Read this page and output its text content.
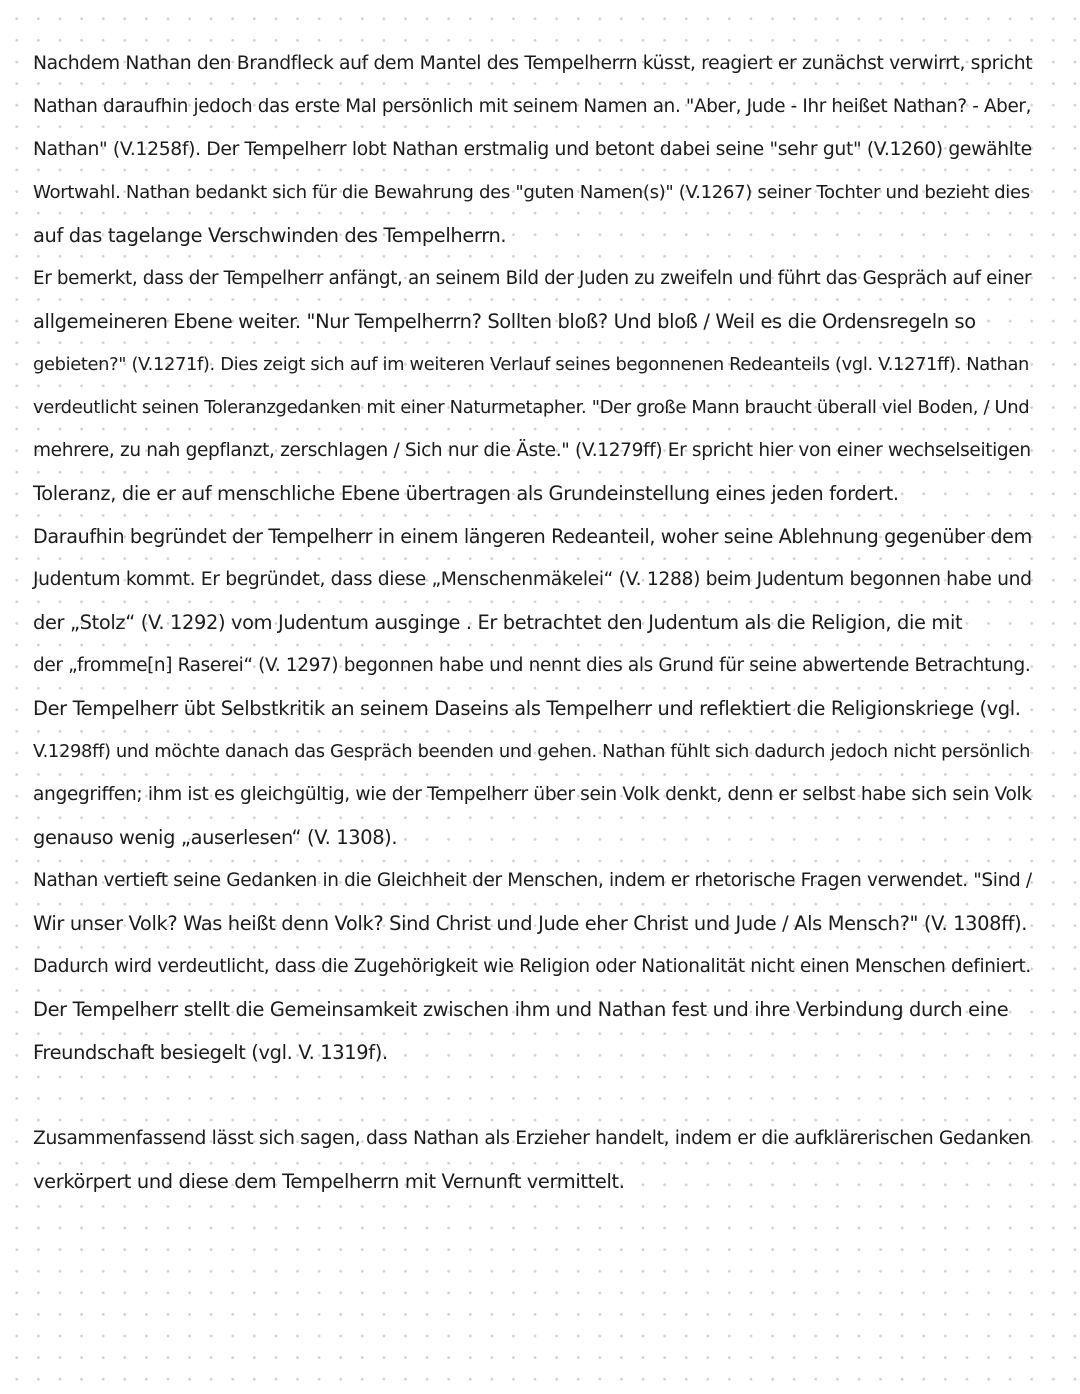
Nachdem Nathan den Brandfleck auf dem Mantel des Tempelherrn küsst, reagiert er zunächst verwirrt, spricht
Nathan daraufhin jedoch das erste Mal persönlich mit seinem Namen an. "Aber, Jude - Ihr heißet Nathan? - Aber,
Nathan" (V.1258f). Der Tempelherr lobt Nathan erstmalig und betont dabei seine "sehr gut" (V.1260) gewählte
Wortwahl. Nathan bedankt sich für die Bewahrung des "guten Namen(s)" (V.1267) seiner Tochter und bezieht dies
auf das tagelange Verschwinden des Tempelherrn.
Er bemerkt, dass der Tempelherr anfängt, an seinem Bild der Juden zu zweifeln und führt das Gespräch auf einer
allgemeineren Ebene weiter. "Nur Tempelherrn? Sollten bloß? Und bloß / Weil es die Ordensregeln so
gebieten?" (V.1271f). Dies zeigt sich auf im weiteren Verlauf seines begonnenen Redeanteils (vgl. V.1271ff). Nathan
verdeutlicht seinen Toleranzgedanken mit einer Naturmetapher. "Der große Mann braucht überall viel Boden, / Und
mehrere, zu nah gepflanzt, zerschlagen / Sich nur die Äste." (V.1279ff) Er spricht hier von einer wechselseitigen
Toleranz, die er auf menschliche Ebene übertragen als Grundeinstellung eines jeden fordert.
Daraufhin begründet der Tempelherr in einem längeren Redeanteil, woher seine Ablehnung gegenüber dem
Judentum kommt. Er begründet, dass diese „Menschenmäkelei“ (V. 1288) beim Judentum begonnen habe und
der „Stolz“ (V. 1292) vom Judentum ausginge . Er betrachtet den Judentum als die Religion, die mit
der „fromme[n] Raserei“ (V. 1297) begonnen habe und nennt dies als Grund für seine abwertende Betrachtung.
Der Tempelherr übt Selbstkritik an seinem Daseins als Tempelherr und reflektiert die Religionskriege (vgl.
V.1298ff) und möchte danach das Gespräch beenden und gehen. Nathan fühlt sich dadurch jedoch nicht persönlich
angegriffen; ihm ist es gleichgültig, wie der Tempelherr über sein Volk denkt, denn er selbst habe sich sein Volk
genauso wenig „auserlesen“ (V. 1308).
Nathan vertieft seine Gedanken in die Gleichheit der Menschen, indem er rhetorische Fragen verwendet. "Sind /
Wir unser Volk? Was heißt denn Volk? Sind Christ und Jude eher Christ und Jude / Als Mensch?" (V. 1308ff).
Dadurch wird verdeutlicht, dass die Zugehörigkeit wie Religion oder Nationalität nicht einen Menschen definiert.
Der Tempelherr stellt die Gemeinsamkeit zwischen ihm und Nathan fest und ihre Verbindung durch eine
Freundschaft besiegelt (vgl. V. 1319f).
Zusammenfassend lässt sich sagen, dass Nathan als Erzieher handelt, indem er die aufklärerischen Gedanken
verkörpert und diese dem Tempelherrn mit Vernunft vermittelt.
